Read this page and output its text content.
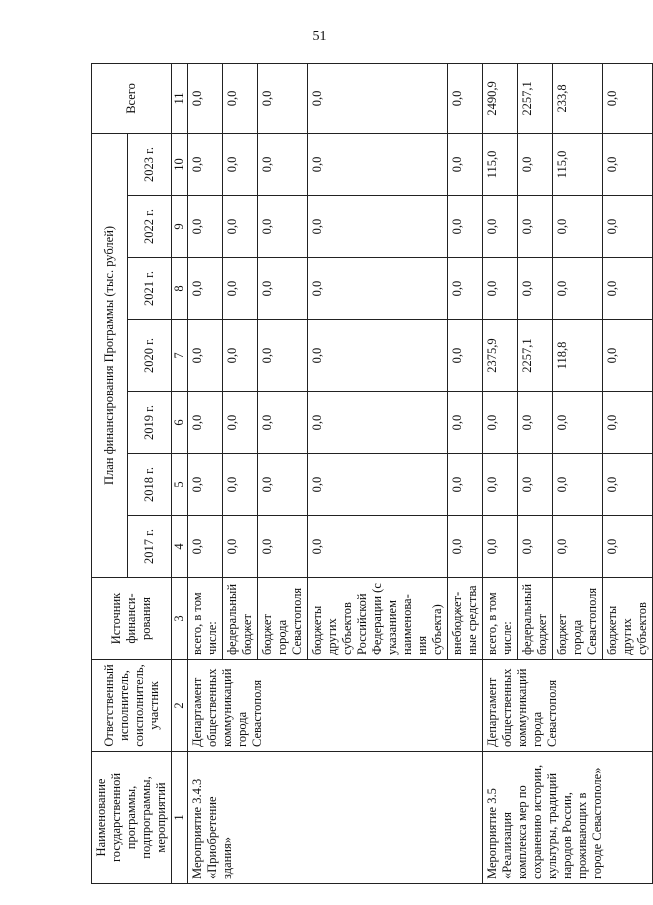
51
Наименование государственной программы, подпрограммы, мероприятий	Ответственный исполнитель, соисполнитель, участник	Источник финанси-рования	План финансирования Программы (тыс. рублей)							Всего
			2017 г.	2018 г.	2019 г.	2020 г.	2021 г.	2022 г.	2023 г.	
1	2	3	4	5	6	7	8	9	10	11
Мероприятие 3.4.3 «Приобретение здания»	Департамент общественных коммуникаций города Севастополя	всего, в том числе:	0,0	0,0	0,0	0,0	0,0	0,0	0,0	0,0
		федеральный бюджет	0,0	0,0	0,0	0,0	0,0	0,0	0,0	0,0
		бюджет города Севастополя	0,0	0,0	0,0	0,0	0,0	0,0	0,0	0,0
		бюджеты других субъектов Российской Федерации (с указанием наименова-ния субъекта)	0,0	0,0	0,0	0,0	0,0	0,0	0,0	0,0
		внебюджет-ные средства	0,0	0,0	0,0	0,0	0,0	0,0	0,0	0,0
Мероприятие 3.5 «Реализация комплекса мер по сохранению истории, культуры, традиций народов России, проживающих в городе Севастополе»	Департамент общественных коммуникаций города Севастополя	всего, в том числе:	0,0	0,0	0,0	2375,9	0,0	0,0	115,0	2490,9
		федеральный бюджет	0,0	0,0	0,0	2257,1	0,0	0,0	0,0	2257,1
		бюджет города Севастополя	0,0	0,0	0,0	118,8	0,0	0,0	115,0	233,8
		бюджеты других субъектов	0,0	0,0	0,0	0,0	0,0	0,0	0,0	0,0
